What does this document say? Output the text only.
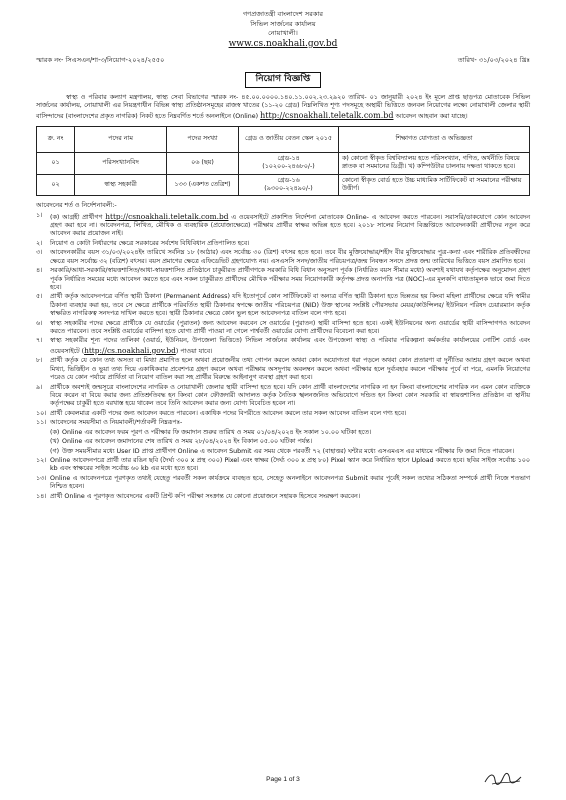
গণপ্রজাতন্ত্রী বাংলাদেশ সরকার
সিভিল সার্জনের কার্যালয়
নোয়াখালী।
www.cs.noakhali.gov.bd
স্মারক নং- সিএসএন/শা-৩/নিয়োগ-২০২৪/২৫৫০	তারিখ- ৩১/০৩/২০২৪ খ্রিঃ
নিয়োগ বিজ্ঞপ্তি

স্বাস্থ্য ও পরিবার কল্যাণ মন্ত্রণালয়, স্বাস্থ্য সেবা বিভাগের স্মারক নং- ৪৫.০০.০০০০.১৪০.১১.০০২.২৩.২৯২০ তারিখ- ০১ জানুয়ারী ২০২৪ ইং মূলে প্রাপ্ত ছাড়পত্র মোতাবেক সিভিল সার্জনের কার্যালয়, নোয়াখালী এর নিয়ন্ত্রণাধীন বিভিন্ন স্বাস্থ্য প্রতিষ্ঠানসমূহের রাজস্ব খাতের (১১-২০ গ্রেড) নিম্নলিখিত শূণ্য পদসমূহে অস্থায়ী ভিত্তিতে জনবল নিয়োগের লক্ষ্যে নোয়াখালী জেলার স্থায়ী বাসিন্দাদের (বাংলাদেশের প্রকৃত নাগরিক) নিকট হতে নিম্নবর্ণিত শর্তে অনলাইনে (Online) http://csnoakhali.teletalk.com.bd আবেদন আহবান করা যাচ্ছে।

ক্র. নং	পদের নাম	পদের সংখ্যা	গ্রেড ও জাতীয় বেতন স্কেল ২০১৫	শিক্ষাগত যোগ্যতা ও অভিজ্ঞতা
০১	পরিসংখ্যানবিদ	০৬ (ছয়)	গ্রেড-১৪
(১০২০০-২৪৬৮০/-)	ক) কোনো স্বীকৃত বিশ্ববিদ্যালয় হতে পরিসংখ্যান, গণিত, অর্থনীতি বিষয়ে স্নাতক বা সমমানের ডিগ্রী। খ) কম্পিউটার চালনায় দক্ষতা থাকতে হবে।
০২	স্বাস্থ্য সহকারী	১৩৩ (একশত তেত্রিশ)	গ্রেড-১৬
(৯৩০০-২২৪৯০/-)	কোনো স্বীকৃত বোর্ড হতে উচ্চ মাধ্যমিক সার্টিফিকেট বা সমমানের পরীক্ষায় উত্তীর্ণ।
আবেদনের শর্ত ও নির্দেশনাবলী:-
১।	(ক) আগ্রহী প্রার্থীগণ http://csnoakhali.teletalk.com.bd এ ওয়েবসাইটে প্রকাশিত নির্দেশনা মোতাবেক Online- এ আবেদন করতে পারবেন। সরাসরি/ডাকযোগে কোন আবেদন গ্রহণ করা হবে না। আবেদনপত্র, লিখিত, মৌখিক ও ব্যবহারিক (প্রযোজ্যক্ষেত্রে) পরীক্ষায় প্রার্থীর স্বাক্ষর অভিন্ন হতে হবে। ২০১৮ সালের নিয়োগ বিজ্ঞপ্তিতে আবেদনকারী প্রার্থীদের নতুন করে আবেদন করার প্রয়োজন নাই।
২।	নিয়োগ ও কোটা নির্ধারণের ক্ষেত্রে সরকারের সর্বশেষ বিধিবিধান প্রতিপালিত হবে।
৩।	আবেদনকারীর বয়স ৩১/০৩/২০২৪ইং তারিখে সর্বনিম্ন ১৮ (আঠার) এবং সর্বোচ্চ ৩০ (ত্রিশ) বৎসর হতে হবে। তবে বীর মুক্তিযোদ্ধার/শহীদ বীর মুক্তিযোদ্ধার পুত্র-কন্যা এবং শারীরিক প্রতিবন্ধীদের ক্ষেত্রে বয়স সর্বোচ্চ ৩২ (বত্রিশ) বৎসর। বয়স প্রমাণের ক্ষেত্রে এফিডেভিট গ্রহণযোগ্য নয়। এসএসসি সনদ/জাতীয় পরিচয়পত্র/জন্ম নিবন্ধন সনদে প্রদত্ত জন্ম তারিখের ভিত্তিতে বয়স প্রমাণিত হবে।
৪।	সরকারি/আধা-সরকারি/স্বায়ত্তশাসিত/আধা-স্বায়ত্তশাসিত প্রতিষ্ঠানে চাকুরীরত প্রার্থীগণকে সরকারি বিধি বিধান অনুসরণ পূর্বক (নির্ধারিত বয়স সীমার মধ্যে) অবশ্যই যথাযথ কর্তৃপক্ষের অনুমোদন গ্রহণ পূর্বক নির্ধারিত সময়ের মধ্যে আবেদন করতে হবে এবং সকল চাকুরীরত প্রার্থীদের মৌখিক পরীক্ষার সময় নিয়োগকারী কর্তৃপক্ষ প্রদত্ত অনাপত্তি পত্র (NOC)-এর মূলকপি বাধ্যতামূলক ভাবে জমা দিতে হবে।
৫।	প্রার্থী কর্তৃক আবেদনপত্রে বর্ণিত স্থায়ী ঠিকানা (Permanent Address) যদি ইতোপূর্বে কোন সার্টিফিকেট বা অন্যত্র বর্ণিত স্থায়ী ঠিকানা হতে ভিন্নতর হয় কিংবা মহিলা প্রার্থীদের ক্ষেত্রে যদি স্বামীর ঠিকানা ব্যবহার করা হয়, তবে সে ক্ষেত্রে প্রার্থীকে পরিবর্তিত স্থায়ী ঠিকানার স্বপক্ষে জাতীয় পরিচয়পত্র (NID) উক্ত স্থানের সংশ্লিষ্ট পৌরসভার মেয়র/কাউন্সিলর/ ইউনিয়ন পরিষদ চেয়ারম্যান কর্তৃক স্বাক্ষরিত নাগরিকত্ব সনদপত্র দাখিল করতে হবে। স্থায়ী ঠিকানার ক্ষেত্রে কোন ভুল হলে আবেদনপত্র বাতিল বলে গণ্য হবে।
৬।	স্বাস্থ্য সহকারীর পদের ক্ষেত্রে প্রার্থীকে যে ওয়ার্ডের (পুরাতন) জন্য আবেদন করবেন সে ওয়ার্ডের (পুরাতন) স্থায়ী বাসিন্দা হতে হবে। একই ইউনিয়নের অন্য ওয়ার্ডের স্থায়ী বাসিন্দাগণও আবেদন করতে পারবেন। তবে সংশ্লিষ্ট ওয়ার্ডের বাসিন্দা হতে যোগ্য প্রার্থী পাওয়া না গেলে পার্শ্ববর্তী ওয়ার্ডের যোগ্য প্রার্থীদের বিবেচনা করা হবে।
৭।	স্বাস্থ্য সহকারীর শূন্য পদের তালিকা (ওয়ার্ড, ইউনিয়ন, উপজেলা ভিত্তিতে) সিভিল সার্জনের কার্যালয় এবং উপজেলা স্বাস্থ্য ও পরিবার পরিকল্পনা কর্মকর্তার কার্যালয়ের নোটিশ বোর্ড এবং ওয়েবসাইটে (http://cs.noakhali.gov.bd) পাওয়া যাবে।
৮।	প্রার্থী কর্তৃক যে কোন তথ্য অসত্য বা মিথ্যা প্রমাণিত হলে অথবা প্রয়োজনীয় তথ্য গোপন করলে অথবা কোন অযোগ্যতা ধরা পড়লে অথবা কোন প্রতারণা বা দুর্নীতির আশ্রয় গ্রহণ করলে অথবা মিথ্যা, ভিত্তিহীন ও ভুয়া তথ্য দিয়ে একাধিকবার প্রবেশপত্র গ্রহণ করলে অথবা পরীক্ষায় অসদুপায় অবলম্বন করলে অথবা পরীক্ষার হলে দুর্ব্যবহার করলে পরীক্ষার পূর্বে বা পরে, এমনকি নিয়োগের পরেও যে কোন পর্যায়ে প্রার্থিতা বা নিয়োগ বাতিল করা সহ প্রার্থীর বিরুদ্ধে আইনানুগ ব্যবস্থা গ্রহণ করা হবে।
৯।	প্রার্থীকে অবশ্যই জন্মসূত্রে বাংলাদেশের নাগরিক ও নোয়াখালী জেলার স্থায়ী বাসিন্দা হতে হবে। যদি কোন প্রার্থী বাংলাদেশের নাগরিক না হন কিংবা বাংলাদেশের নাগরিক নন এমন কোন ব্যক্তিকে বিয়ে করেন বা বিয়ে করার জন্য প্রতিশ্রুতিবদ্ধ হন কিংবা কোন ফৌজদারী আদালত কর্তৃক নৈতিক স্খলনজনিত অভিযোগে দন্ডিত হন কিংবা কোন সরকারি বা স্বায়ত্তশাসিত প্রতিষ্ঠান বা স্থানীয় কর্তৃপক্ষের চাকুরী হতে বরখাস্ত হয়ে থাকেন তবে তিনি আবেদন করার জন্য যোগ্য বিবেচিত হবেন না।
১০। প্রার্থী কেবলমাত্র একটি পদের জন্য আবেদন করতে পারবেন। একাধিক পদের বিপরীতে আবেদন করলে তার সকল আবেদন বাতিল বলে গণ্য হবে।
১১। আবেদনের সময়সীমা ও নিয়মাবলী/শর্তাবলী নিম্নরূপঃ-
(ক) Online এর আবেদন ফরম পূরণ ও পরীক্ষার ফি জমাদান শুরুর তারিখ ও সময় ০১/০৪/২০২৪ ইং সকাল ১০.০০ ঘটিকা হতে।
(খ) Online এর আবেদন জমাদানের শেষ তারিখ ও সময় ২৮/০৪/২০২৪ ইং বিকাল ০৫.০০ ঘটিকা পর্যন্ত।
(গ) উক্ত সময়সীমার মধ্যে User ID প্রাপ্ত প্রার্থীগণ Online এ আবেদন Submit এর সময় থেকে পরবর্তী ৭২ (বাহাত্তর) ঘন্টার মধ্যে এসএমএস এর মাধ্যমে পরীক্ষার ফি জমা দিতে পারবেন।
১২। Online আবেদনপত্রে প্রার্থী তার রঙিন ছবি (দৈর্ঘ্য ৩০০ x প্রস্থ ৩০০) Pixel এবং স্বাক্ষর (দৈর্ঘ্য ৩০০ x প্রস্থ ৮০) Pixel স্ক্যান করে নির্ধারিত স্থানে Upload করতে হবে। ছবির সাইজ সর্বোচ্চ ১০০ kb এবং স্বাক্ষরের সাইজ সর্বোচ্চ ৬০ kb এর মধ্যে হতে হবে।
১৩। Online এ আবেদনপত্রে পূরণকৃত তথ্যই যেহেতু পরবর্তী সকল কার্যক্রমে ব্যবহৃত হবে, সেহেতু অনলাইনে আবেদনপত্র Submit করার পূর্বেই সকল তথ্যের সঠিকতা সম্পর্কে প্রার্থী নিজে শতভাগ নিশ্চিত হবেন।
১৪। প্রার্থী Online এ পূরণকৃত আবেদনের একটি প্রিন্ট কপি পরীক্ষা সংক্রান্ত যে কোনো প্রয়োজনে সহায়ক হিসেবে সংরক্ষণ করবেন।
Page 1 of 3
